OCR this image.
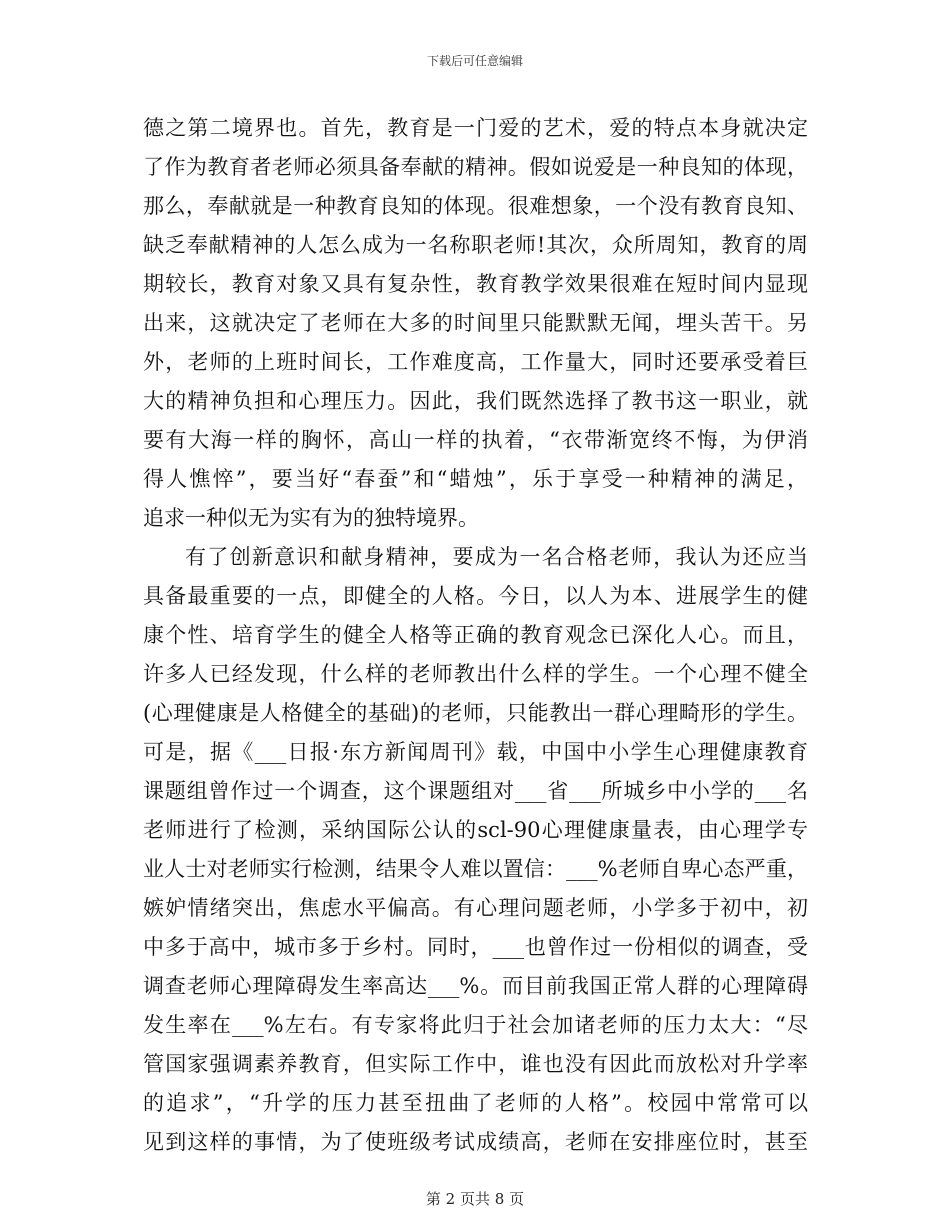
下载后可任意编辑
德之第二境界也。首先，教育是一门爱的艺术，爱的特点本身就决定
了作为教育者老师必须具备奉献的精神。假如说爱是一种良知的体现，
那么，奉献就是一种教育良知的体现。很难想象，一个没有教育良知、
缺乏奉献精神的人怎么成为一名称职老师!其次，众所周知，教育的周
期较长，教育对象又具有复杂性，教育教学效果很难在短时间内显现
出来，这就决定了老师在大多的时间里只能默默无闻，埋头苦干。另
外，老师的上班时间长，工作难度高，工作量大，同时还要承受着巨
大的精神负担和心理压力。因此，我们既然选择了教书这一职业，就
要有大海一样的胸怀，高山一样的执着，“衣带渐宽终不悔，为伊消
得人憔悴”，要当好“春蚕”和“蜡烛”，乐于享受一种精神的满足，
追求一种似无为实有为的独特境界。
有了创新意识和献身精神，要成为一名合格老师，我认为还应当
具备最重要的一点，即健全的人格。今日，以人为本、进展学生的健
康个性、培育学生的健全人格等正确的教育观念已深化人心。而且，
许多人已经发现，什么样的老师教出什么样的学生。一个心理不健全
(心理健康是人格健全的基础)的老师，只能教出一群心理畸形的学生。
可是，据《___日报·东方新闻周刊》载，中国中小学生心理健康教育
课题组曾作过一个调查，这个课题组对___省___所城乡中小学的___名
老师进行了检测，采纳国际公认的scl-90心理健康量表，由心理学专
业人士对老师实行检测，结果令人难以置信：___%老师自卑心态严重，
嫉妒情绪突出，焦虑水平偏高。有心理问题老师，小学多于初中，初
中多于高中，城市多于乡村。同时，___也曾作过一份相似的调查，受
调查老师心理障碍发生率高达___%。而目前我国正常人群的心理障碍
发生率在___%左右。有专家将此归于社会加诸老师的压力太大：“尽
管国家强调素养教育，但实际工作中，谁也没有因此而放松对升学率
的追求”，“升学的压力甚至扭曲了老师的人格”。校园中常常可以
见到这样的事情，为了使班级考试成绩高，老师在安排座位时，甚至
第 2 页共 8 页
